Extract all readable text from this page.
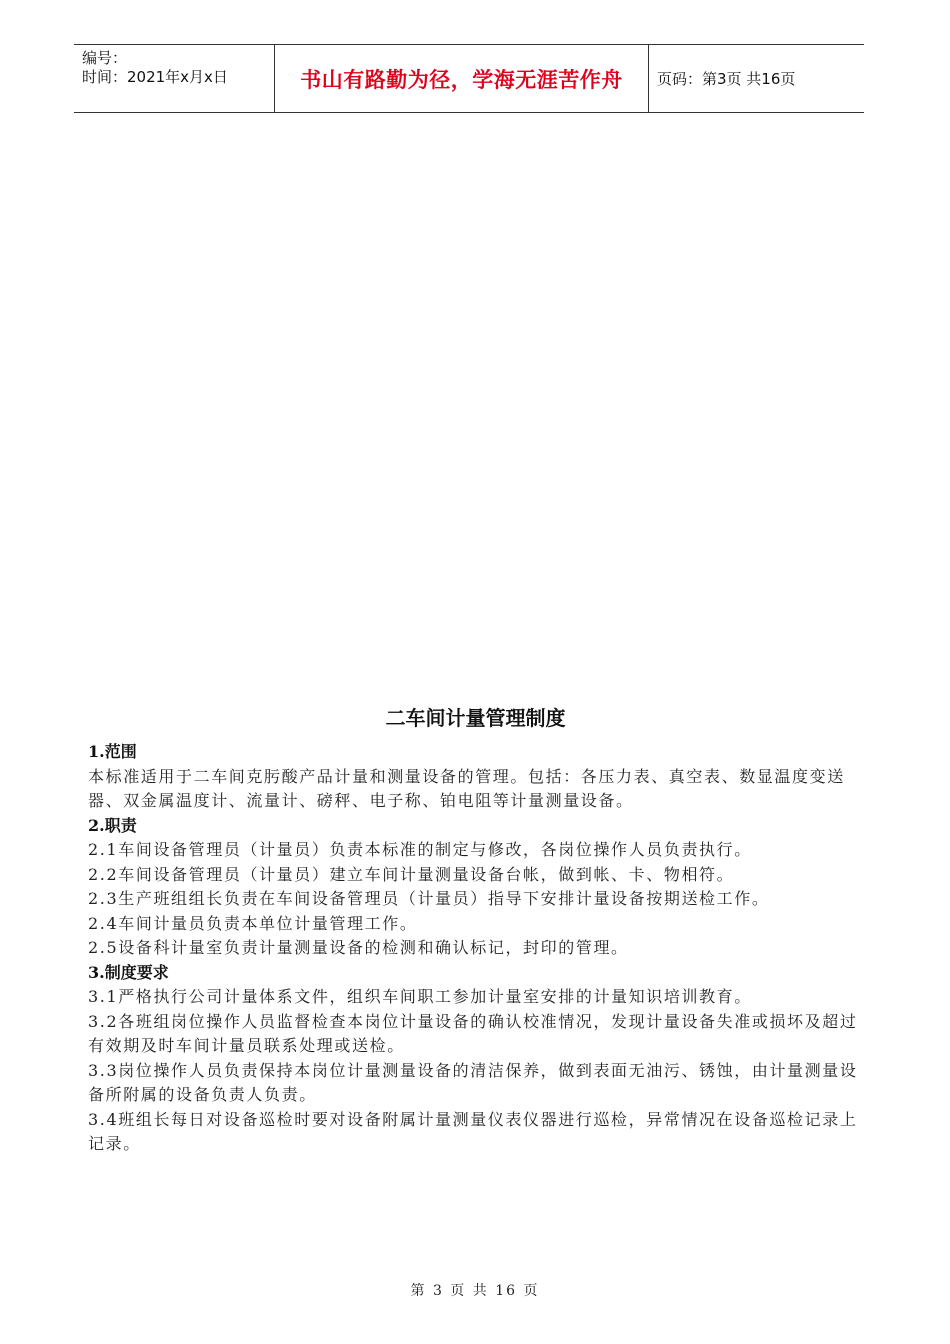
编号：
时间：2021年x月x日	书山有路勤为径，学海无涯苦作舟 页码：第3页 共16页
二车间计量管理制度

1.范围

本标准适用于二车间克肟酸产品计量和测量设备的管理。包括：各压力表、真空表、数显温度变送器、双金属温度计、流量计、磅秤、电子称、铂电阻等计量测量设备。

2.职责

2.1车间设备管理员（计量员）负责本标准的制定与修改，各岗位操作人员负责执行。

2.2车间设备管理员（计量员）建立车间计量测量设备台帐，做到帐、卡、物相符。

2.3生产班组组长负责在车间设备管理员（计量员）指导下安排计量设备按期送检工作。

2.4车间计量员负责本单位计量管理工作。

2.5设备科计量室负责计量测量设备的检测和确认标记，封印的管理。

3.制度要求

3.1严格执行公司计量体系文件，组织车间职工参加计量室安排的计量知识培训教育。

3.2各班组岗位操作人员监督检查本岗位计量设备的确认校准情况，发现计量设备失准或损坏及超过有效期及时车间计量员联系处理或送检。

3.3岗位操作人员负责保持本岗位计量测量设备的清洁保养，做到表面无油污、锈蚀，由计量测量设备所附属的设备负责人负责。

3.4班组长每日对设备巡检时要对设备附属计量测量仪表仪器进行巡检，异常情况在设备巡检记录上记录。

第 3 页 共 16 页
